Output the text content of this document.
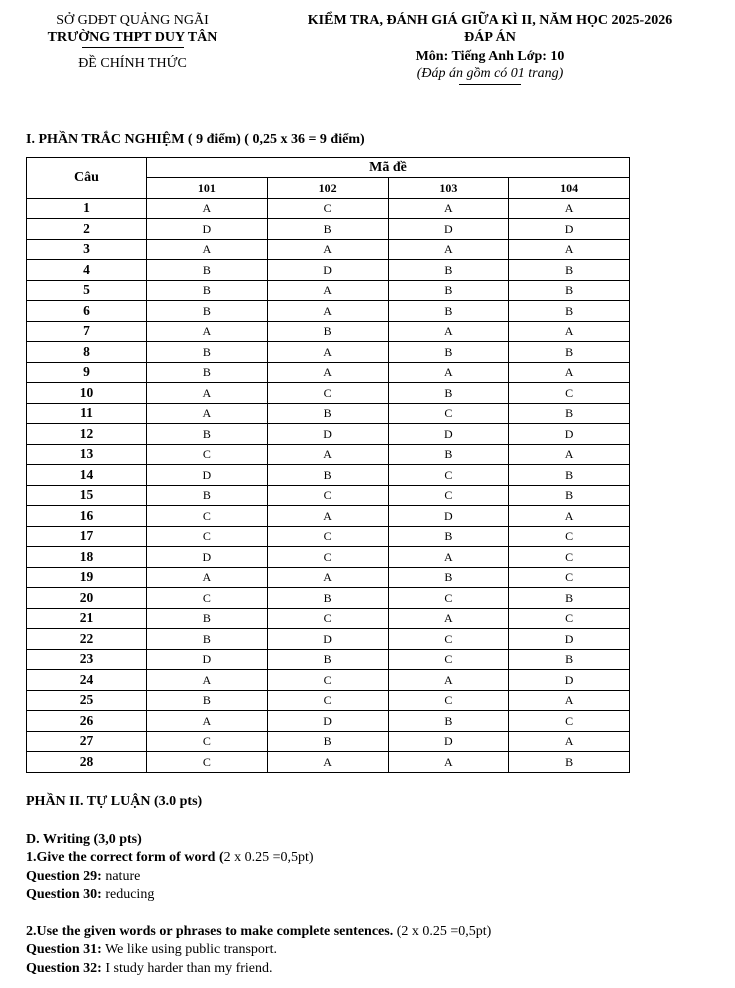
SỞ GDĐT QUẢNG NGÃI
TRƯỜNG THPT DUY TÂN
ĐỀ CHÍNH THỨC
KIỂM TRA, ĐÁNH GIÁ GIỮA KÌ II, NĂM HỌC 2025-2026
ĐÁP ÁN
Môn: Tiếng Anh Lớp: 10
(Đáp án gồm có 01 trang)
I. PHẦN TRẮC NGHIỆM ( 9 điểm) ( 0,25 x 36 = 9 điểm)
Câu	Mã đề			
	101	102	103	104
1	A	C	A	A
2	D	B	D	D
3	A	A	A	A
4	B	D	B	B
5	B	A	B	B
6	B	A	B	B
7	A	B	A	A
8	B	A	B	B
9	B	A	A	A
10	A	C	B	C
11	A	B	C	B
12	B	D	D	D
13	C	A	B	A
14	D	B	C	B
15	B	C	C	B
16	C	A	D	A
17	C	C	B	C
18	D	C	A	C
19	A	A	B	C
20	C	B	C	B
21	B	C	A	C
22	B	D	C	D
23	D	B	C	B
24	A	C	A	D
25	B	C	C	A
26	A	D	B	C
27	C	B	D	A
28	C	A	A	B
PHẦN II. TỰ LUẬN (3.0 pts)
D. Writing (3,0 pts)
1.Give the correct form of word (2 x 0.25 =0,5pt)
Question 29: nature
Question 30: reducing
2.Use the given words or phrases to make complete sentences. (2 x 0.25 =0,5pt)
Question 31: We like using public transport.
Question 32: I study harder than my friend.
